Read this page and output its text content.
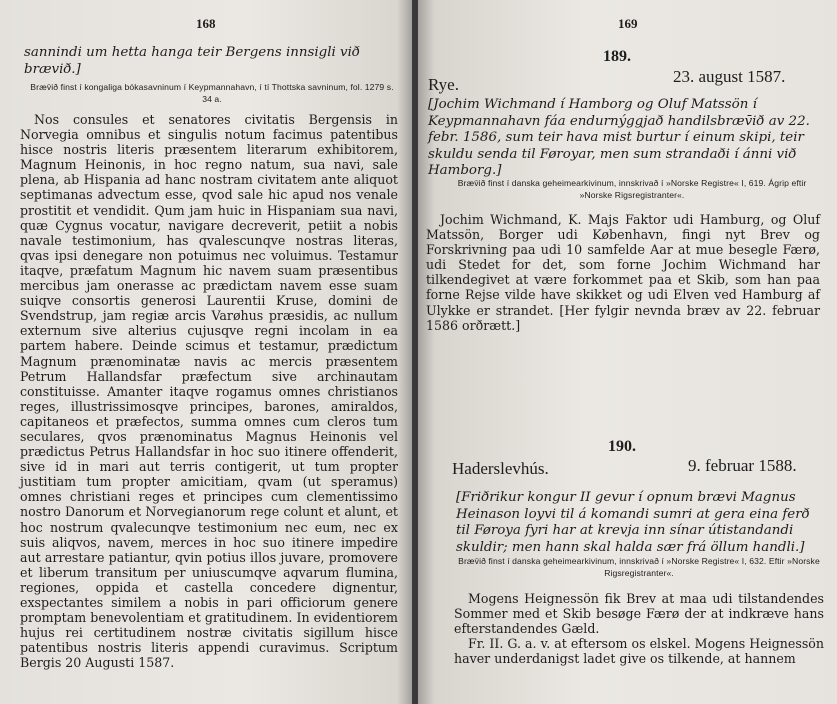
168
sannindi um hetta hanga teir Bergens innsigli við brævið.]
Bræv̄ið finst í kongaliga bókasavninum í Keypmannahavn, í tí Thottska savninum, fol. 1279 s. 34 a.
Nos consules et senatores civitatis Bergensis in Norvegia omnibus et singulis notum facimus patentibus hisce nostris literis præsentem literarum exhibitorem, Magnum Heinonis, in hoc regno natum, sua navi, sale plena, ab Hispania ad hanc nostram civitatem ante aliquot septimanas advectum esse, qvod sale hic apud nos venale prostitit et vendidit. Qum jam huic in Hispaniam sua navi, quæ Cygnus vocatur, navigare decreverit, petiit a nobis navale testimonium, has qvalescunqve nostras literas, qvas ipsi denegare non potuimus nec voluimus. Testamur itaqve, præfatum Magnum hic navem suam præsentibus mercibus jam onerasse ac prædictam navem esse suam suiqve consortis generosi Laurentii Kruse, domini de Svendstrup, jam regiæ arcis Varøhus præsidis, ac nullum externum sive alterius cujusqve regni incolam in ea partem habere. Deinde scimus et testamur, prædictum Magnum prænominatæ navis ac mercis præsentem Petrum Hallandsfar præfectum sive archinautam constituisse. Amanter itaqve rogamus omnes christianos reges, illustrissimosqve principes, barones, amiraldos, capitaneos et præfectos, summa omnes cum cleros tum seculares, qvos prænominatus Magnus Heinonis vel prædictus Petrus Hallandsfar in hoc suo itinere offenderit, sive id in mari aut terris contigerit, ut tum propter justitiam tum propter amicitiam, qvam (ut speramus) omnes christiani reges et principes cum clementissimo nostro Danorum et Norvegianorum rege colunt et alunt, et hoc nostrum qvalecunqve testimonium nec eum, nec ex suis aliqvos, navem, merces in hoc suo itinere impedire aut arrestare patiantur, qvin potius illos juvare, promovere et liberum transitum per uniuscumqve aqvarum flumina, regiones, oppida et castella concedere dignentur, exspectantes similem a nobis in pari officiorum genere promptam benevolentiam et gratitudinem. In evidentiorem hujus rei certitudinem nostræ civitatis sigillum hisce patentibus nostris literis appendi curavimus. Scriptum Bergis 20 Augusti 1587.
169
189.
Rye.	23. august 1587.
[Jochim Wichmand í Hamborg og Oluf Matssön í Keypmannahavn fáa endurnýggjað handilsbræv̄ið av 22. febr. 1586, sum teir hava mist burtur í einum skipi, teir skuldu senda til Føroyar, men sum strandaði í ánni við Hamborg.]
Bræv̄ið finst í danska geheimearkivinum, innskrivað í »Norske Registre« I, 619. Ágrip eftir »Norske Rigsregistranter«.
Jochim Wichmand, K. Majs Faktor udi Hamburg, og Oluf Matssön, Borger udi København, fingi nyt Brev og Forskrivning paa udi 10 samfelde Aar at mue besegle Færø, udi Stedet for det, som forne Jochim Wichmand har tilkendegivet at være forkommet paa et Skib, som han paa forne Rejse vilde have skikket og udi Elven ved Hamburg af Ulykke er strandet. [Her fylgir nevnda bræv av 22. februar 1586 orðrætt.]
190.
Haderslevhús.	9. februar 1588.
[Friðrikur kongur II gevur í opnum brævi Magnus Heinason loyvi til á komandi sumri at gera eina ferð til Føroya fyri har at krevja inn sínar útistandandi skuldir; men hann skal halda sær frá öllum handli.]
Bræv̄ið finst í danska geheimearkivinum, innskrivað í »Norske Registre« I, 632. Eftir »Norske Rigsregistranter«.

Mogens Heignessön fik Brev at maa udi tilstandendes Sommer med et Skib besøge Færø der at indkræve hans efterstandendes Gæld.

Fr. II. G. a. v. at eftersom os elskel. Mogens Heignessön haver underdanigst ladet give os tilkende, at hannem
